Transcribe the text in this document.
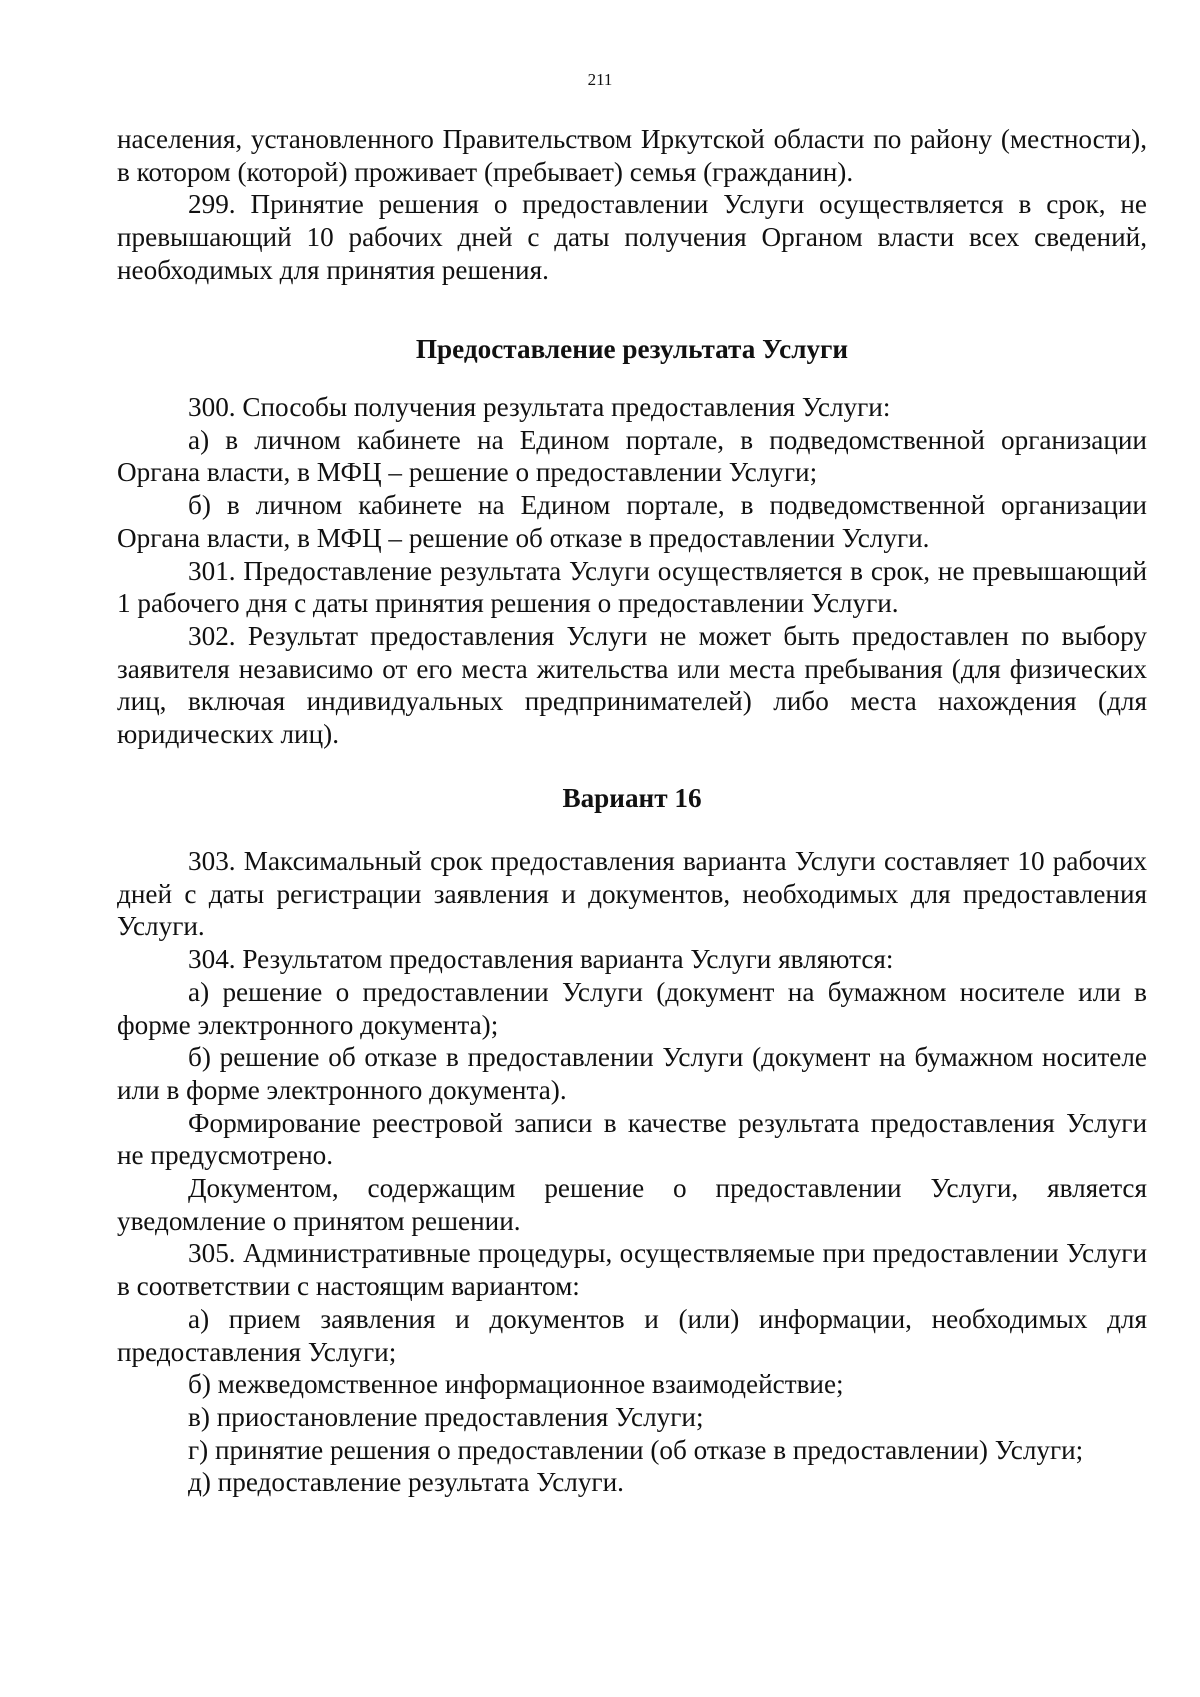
211

населения, установленного Правительством Иркутской области по району (местности), в котором (которой) проживает (пребывает) семья (гражданин).

299. Принятие решения о предоставлении Услуги осуществляется в срок, не превышающий 10 рабочих дней с даты получения Органом власти всех сведений, необходимых для принятия решения.

Предоставление результата Услуги

300. Способы получения результата предоставления Услуги:

а) в личном кабинете на Едином портале, в подведомственной организации Органа власти, в МФЦ – решение о предоставлении Услуги;

б) в личном кабинете на Едином портале, в подведомственной организации Органа власти, в МФЦ – решение об отказе в предоставлении Услуги.

301. Предоставление результата Услуги осуществляется в срок, не превышающий 1 рабочего дня с даты принятия решения о предоставлении Услуги.

302. Результат предоставления Услуги не может быть предоставлен по выбору заявителя независимо от его места жительства или места пребывания (для физических лиц, включая индивидуальных предпринимателей) либо места нахождения (для юридических лиц).

Вариант 16

303. Максимальный срок предоставления варианта Услуги составляет 10 рабочих дней с даты регистрации заявления и документов, необходимых для предоставления Услуги.

304. Результатом предоставления варианта Услуги являются:

а) решение о предоставлении Услуги (документ на бумажном носителе или в форме электронного документа);

б) решение об отказе в предоставлении Услуги (документ на бумажном носителе или в форме электронного документа).

Формирование реестровой записи в качестве результата предоставления Услуги не предусмотрено.

Документом, содержащим решение о предоставлении Услуги, является уведомление о принятом решении.

305. Административные процедуры, осуществляемые при предоставлении Услуги в соответствии с настоящим вариантом:

а) прием заявления и документов и (или) информации, необходимых для предоставления Услуги;

б) межведомственное информационное взаимодействие;

в) приостановление предоставления Услуги;

г) принятие решения о предоставлении (об отказе в предоставлении) Услуги;

д) предоставление результата Услуги.
